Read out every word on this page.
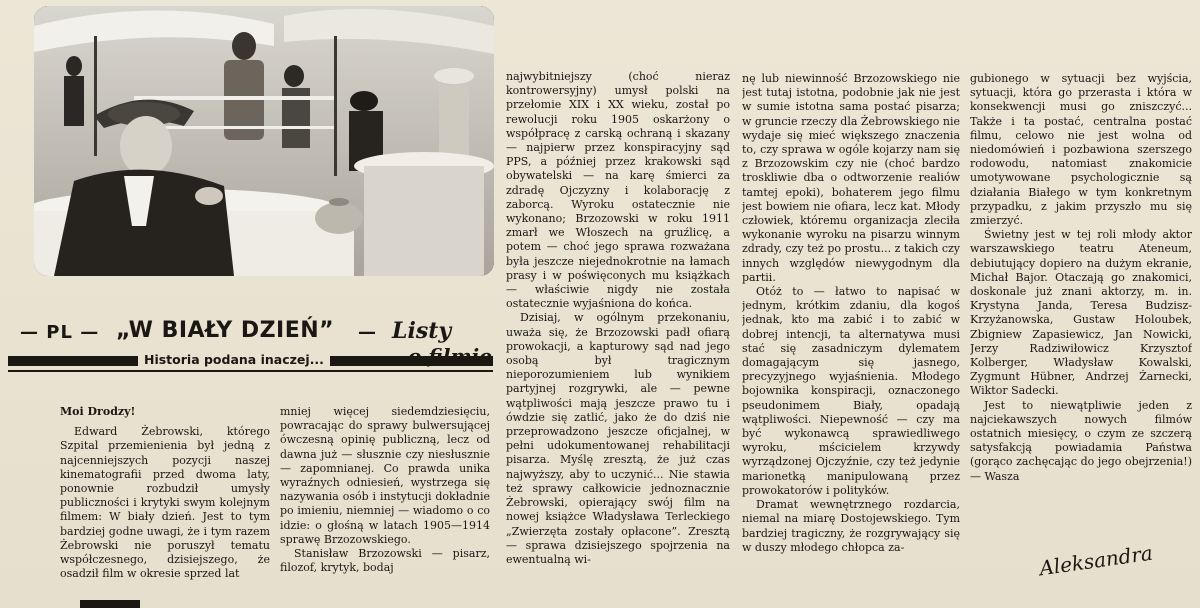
— PL — „W BIAŁY DZIEŃ” — Listy
Historia podana inaczej...

Moi Drodzy!

Edward Żebrowski, którego Szpital przemienienia był jedną z najcenniejszych pozycji naszej kinematografii przed dwoma laty, ponownie rozbudził umysły publiczności i krytyki swym kolejnym filmem: W biały dzień. Jest to tym bardziej godne uwagi, że i tym razem Żebrowski nie poruszył tematu współczesnego, dzisiejszego, że osadził film w okresie sprzed lat

mniej więcej siedemdziesięciu, powracając do sprawy bulwersującej ówczesną opinię publiczną, lecz od dawna już — słusznie czy niesłusznie — zapomnianej. Co prawda unika wyraźnych odniesień, wystrzega się nazywania osób i instytucji dokładnie po imieniu, niemniej — wiadomo o co idzie: o głośną w latach 1905—1914 sprawę Brzozowskiego.

Stanisław Brzozowski — pisarz, filozof, krytyk, bodaj

najwybitniejszy (choć nieraz kontrowersyjny) umysł polski na przełomie XIX i XX wieku, został po rewolucji roku 1905 oskarżony o współpracę z carską ochraną i skazany — najpierw przez konspiracyjny sąd PPS, a później przez krakowski sąd obywatelski — na karę śmierci za zdradę Ojczyzny i kolaborację z zaborcą. Wyroku ostatecznie nie wykonano; Brzozowski w roku 1911 zmarł we Włoszech na gruźlicę, a potem — choć jego sprawa rozważana była jeszcze niejednokrotnie na łamach prasy i w poświęconych mu książkach — właściwie nigdy nie została ostatecznie wyjaśniona do końca.

Dzisiaj, w ogólnym przekonaniu, uważa się, że Brzozowski padł ofiarą prowokacji, a kapturowy sąd nad jego osobą był tragicznym nieporozumieniem lub wynikiem partyjnej rozgrywki, ale — pewne wątpliwości mają jeszcze prawo tu i ówdzie się zatlić, jako że do dziś nie przeprowadzono jeszcze oficjalnej, w pełni udokumentowanej rehabilitacji pisarza. Myślę zresztą, że już czas najwyższy, aby to uczynić... Nie stawia też sprawy całkowicie jednoznacznie Żebrowski, opierający swój film na nowej książce Władysława Terleckiego „Zwierzęta zostały opłacone”. Zresztą — sprawa dzisiejszego spojrzenia na ewentualną wi-

nę lub niewinność Brzozowskiego nie jest tutaj istotna, podobnie jak nie jest w sumie istotna sama postać pisarza; w gruncie rzeczy dla Żebrowskiego nie wydaje się mieć większego znaczenia to, czy sprawa w ogóle kojarzy nam się z Brzozowskim czy nie (choć bardzo troskliwie dba o odtworzenie realiów tamtej epoki), bohaterem jego filmu jest bowiem nie ofiara, lecz kat. Młody człowiek, któremu organizacja zleciła wykonanie wyroku na pisarzu winnym zdrady, czy też po prostu... z takich czy innych względów niewygodnym dla partii.

Otóż to — łatwo to napisać w jednym, krótkim zdaniu, dla kogoś jednak, kto ma zabić i to zabić w dobrej intencji, ta alternatywa musi stać się zasadniczym dylematem domagającym się jasnego, precyzyjnego wyjaśnienia. Młodego bojownika konspiracji, oznaczonego pseudonimem Biały, opadają wątpliwości. Niepewność — czy ma być wykonawcą sprawiedliwego wyroku, mścicielem krzywdy wyrządzonej Ojczyźnie, czy też jedynie marionetką manipulowaną przez prowokatorów i polityków.

Dramat wewnętrznego rozdarcia, niemal na miarę Dostojewskiego. Tym bardziej tragiczny, że rozgrywający się w duszy młodego chłopca za-

gubionego w sytuacji bez wyjścia, sytuacji, która go przerasta i która w konsekwencji musi go zniszczyć... Także i ta postać, centralna postać filmu, celowo nie jest wolna od niedomówień i pozbawiona szerszego rodowodu, natomiast znakomicie umotywowane psychologicznie są działania Białego w tym konkretnym przypadku, z jakim przyszło mu się zmierzyć.

Świetny jest w tej roli młody aktor warszawskiego teatru Ateneum, debiutujący dopiero na dużym ekranie, Michał Bajor. Otaczają go znakomici, doskonale już znani aktorzy, m. in. Krystyna Janda, Teresa Budzisz-Krzyżanowska, Gustaw Holoubek, Zbigniew Zapasiewicz, Jan Nowicki, Jerzy Radziwiłowicz Krzysztof Kolberger, Władysław Kowalski, Zygmunt Hübner, Andrzej Żarnecki, Wiktor Sadecki.

Jest to niewątpliwie jeden z najciekawszych nowych filmów ostatnich miesięcy, o czym ze szczerą satysfakcją powiadamia Państwa (gorąco zachęcając do jego obejrzenia!) — Wasza

Aleksandra
